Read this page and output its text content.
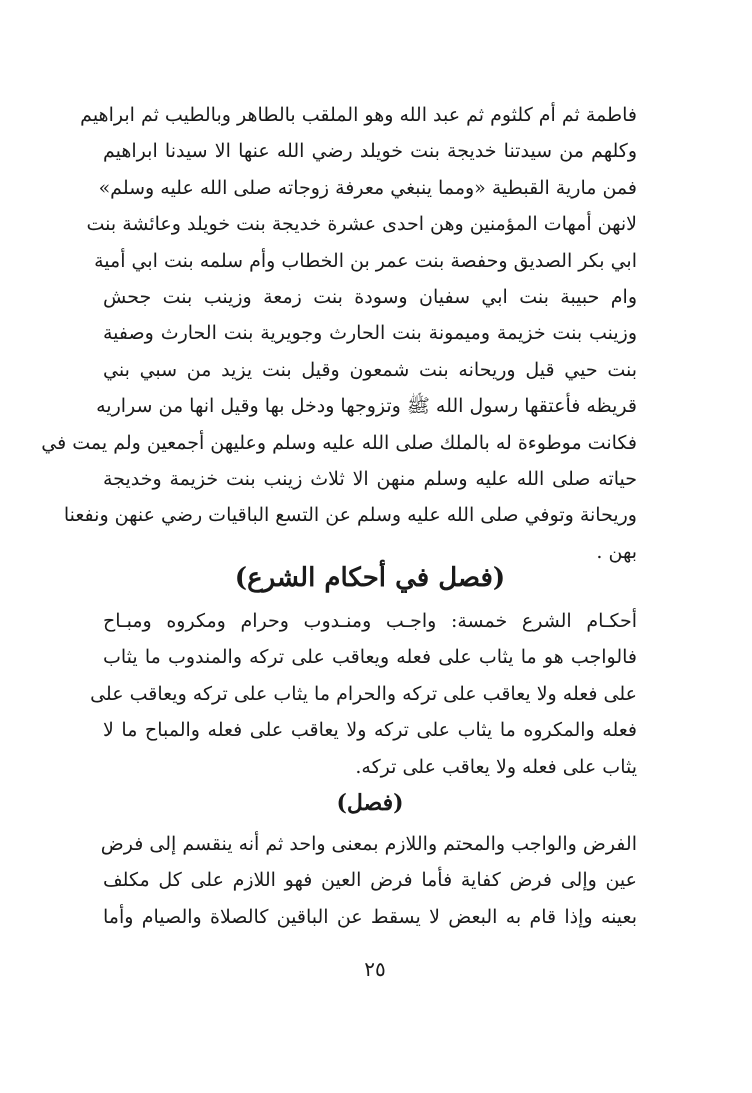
فاطمة ثم أم كلثوم ثم عبد الله وهو الملقب بالطاهر وبالطيب ثم ابراهيم
وكلهم من سيدتنا خديجة بنت خويلد رضي الله عنها الا سيدنا ابراهيم
فمن مارية القبطية «ومما ينبغي معرفة زوجاته صلى الله عليه وسلم»
لانهن أمهات المؤمنين وهن احدى عشرة خديجة بنت خويلد وعائشة بنت
ابي بكر الصديق وحفصة بنت عمر بن الخطاب وأم سلمه بنت ابي أمية
وام حبيبة بنت ابي سفيان وسودة بنت زمعة وزينب بنت جحش
وزينب بنت خزيمة وميمونة بنت الحارث وجويرية بنت الحارث وصفية
بنت حيي قيل وريحانه بنت شمعون وقيل بنت يزيد من سبي بني
قريظه فأعتقها رسول الله ﷺ وتزوجها ودخل بها وقيل انها من سراريه
فكانت موطوءة له بالملك صلى الله عليه وسلم وعليهن أجمعين ولم يمت في
حياته صلى الله عليه وسلم منهن الا ثلاث زينب بنت خزيمة وخديجة
وريحانة وتوفي صلى الله عليه وسلم عن التسع الباقيات رضي عنهن ونفعنا
بهن .
(فصل في أحكام الشرع)
أحكـام الشرع خمسة: واجـب ومنـدوب وحرام ومكروه ومبـاح
فالواجب هو ما يثاب على فعله ويعاقب على تركه والمندوب ما يثاب
على فعله ولا يعاقب على تركه والحرام ما يثاب على تركه ويعاقب على
فعله والمكروه ما يثاب على تركه ولا يعاقب على فعله والمباح ما لا
يثاب على فعله ولا يعاقب على تركه.
(فصل)
الفرض والواجب والمحتم واللازم بمعنى واحد ثم أنه ينقسم إلى فرض
عين وإلى فرض كفاية فأما فرض العين فهو اللازم على كل مكلف
بعينه وإذا قام به البعض لا يسقط عن الباقين كالصلاة والصيام وأما
٢٥
